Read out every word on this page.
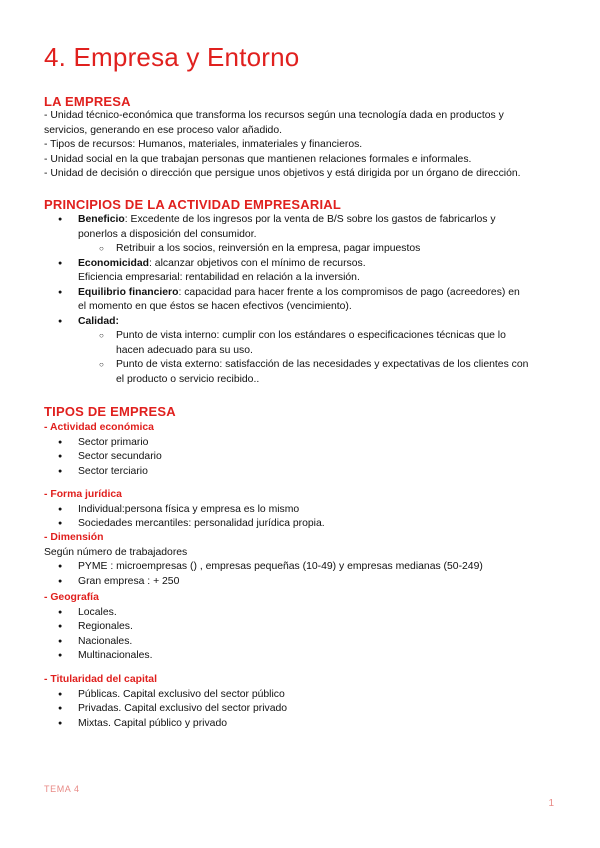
4. Empresa y Entorno
LA EMPRESA
- Unidad técnico-económica que transforma los recursos según una tecnología dada en productos y
servicios, generando en ese proceso valor añadido.
- Tipos de recursos: Humanos, materiales, inmateriales y financieros.
- Unidad social en la que trabajan personas que mantienen relaciones formales e informales.
- Unidad de decisión o dirección que persigue unos objetivos y está dirigida por un órgano de dirección.
PRINCIPIOS DE LA ACTIVIDAD EMPRESARIAL
● Beneficio: Excedente de los ingresos por la venta de B/S sobre los gastos de fabricarlos y
ponerlos a disposición del consumidor.
○ Retribuir a los socios, reinversión en la empresa, pagar impuestos
● Economicidad: alcanzar objetivos con el mínimo de recursos.
Eficiencia empresarial: rentabilidad en relación a la inversión.
● Equilibrio financiero: capacidad para hacer frente a los compromisos de pago (acreedores) en
el momento en que éstos se hacen efectivos (vencimiento).
● Calidad:
○ Punto de vista interno: cumplir con los estándares o especificaciones técnicas que lo
hacen adecuado para su uso.
○ Punto de vista externo: satisfacción de las necesidades y expectativas de los clientes con
el producto o servicio recibido..
TIPOS DE EMPRESA
- Actividad económica
● Sector primario
● Sector secundario
● Sector terciario
- Forma jurídica
● Individual:persona física y empresa es lo mismo
● Sociedades mercantiles: personalidad jurídica propia.
- Dimensión
Según número de trabajadores
● PYME : microempresas () , empresas pequeñas (10-49) y empresas medianas (50-249)
● Gran empresa : + 250
- Geografía
● Locales.
● Regionales.
● Nacionales.
● Multinacionales.
- Titularidad del capital
● Públicas. Capital exclusivo del sector público
● Privadas. Capital exclusivo del sector privado
● Mixtas. Capital público y privado
TEMA 4
1
